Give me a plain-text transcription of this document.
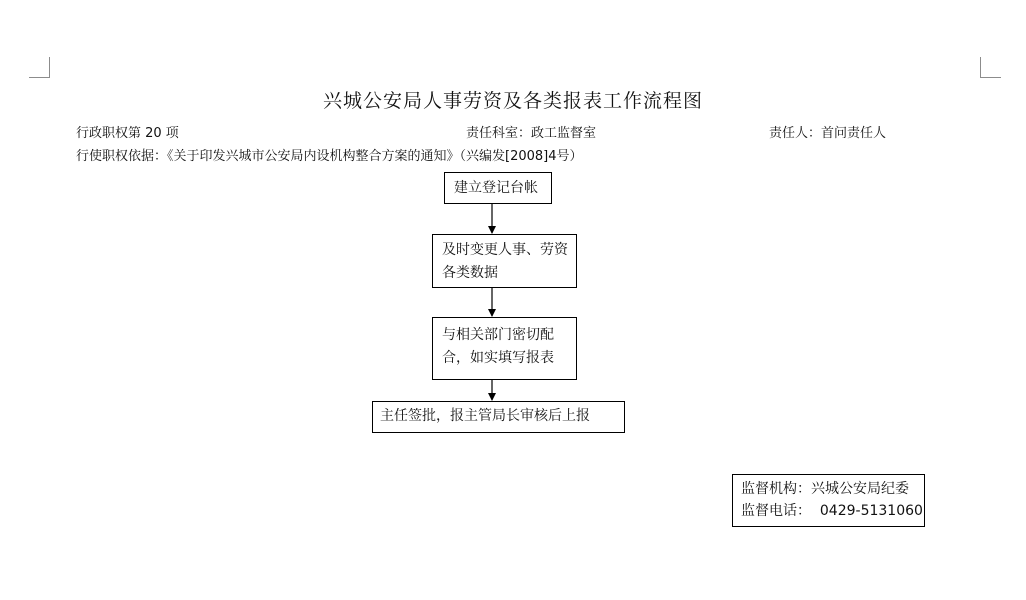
兴城公安局人事劳资及各类报表工作流程图
行政职权第 20 项	责任科室：政工监督室	责任人：首问责任人
行使职权依据：《关于印发兴城市公安局内设机构整合方案的通知》（兴编发[2008]4号）
建立登记台帐
及时变更人事、劳资
各类数据
与相关部门密切配
合，如实填写报表
主任签批，报主管局长审核后上报
监督机构：兴城公安局纪委
监督电话：  0429-5131060
